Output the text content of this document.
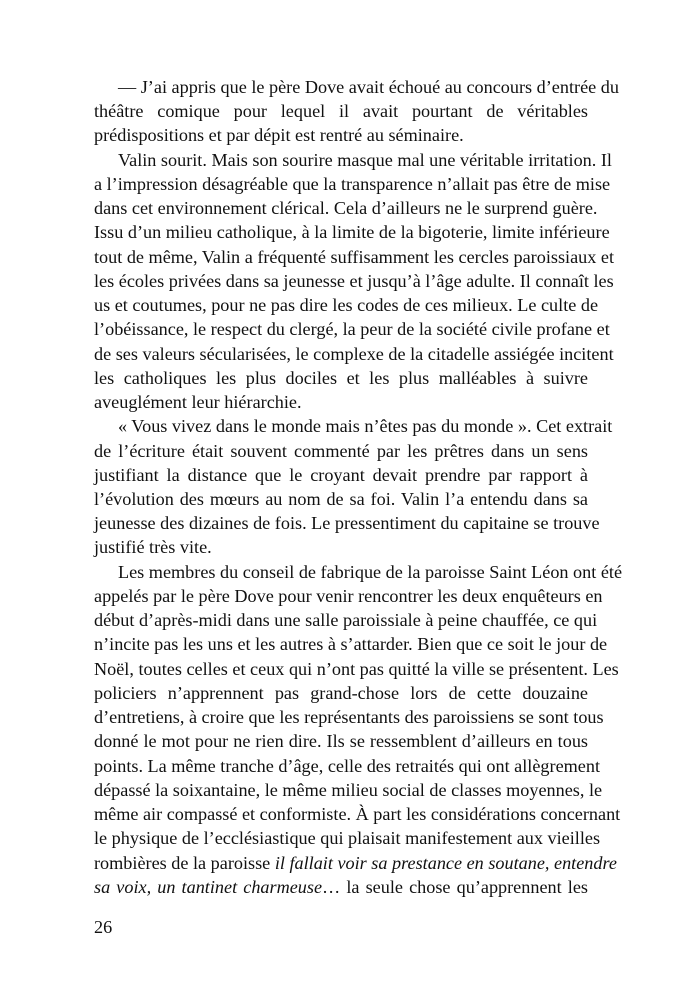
— J’ai appris que le père Dove avait échoué au concours d’entrée du
théâtre comique pour lequel il avait pourtant de véritables
prédispositions et par dépit est rentré au séminaire.
Valin sourit. Mais son sourire masque mal une véritable irritation. Il
a l’impression désagréable que la transparence n’allait pas être de mise
dans cet environnement clérical. Cela d’ailleurs ne le surprend guère.
Issu d’un milieu catholique, à la limite de la bigoterie, limite inférieure
tout de même, Valin a fréquenté suffisamment les cercles paroissiaux et
les écoles privées dans sa jeunesse et jusqu’à l’âge adulte. Il connaît les
us et coutumes, pour ne pas dire les codes de ces milieux. Le culte de
l’obéissance, le respect du clergé, la peur de la société civile profane et
de ses valeurs sécularisées, le complexe de la citadelle assiégée incitent
les catholiques les plus dociles et les plus malléables à suivre
aveuglément leur hiérarchie.
« Vous vivez dans le monde mais n’êtes pas du monde ». Cet extrait
de l’écriture était souvent commenté par les prêtres dans un sens
justifiant la distance que le croyant devait prendre par rapport à
l’évolution des mœurs au nom de sa foi. Valin l’a entendu dans sa
jeunesse des dizaines de fois. Le pressentiment du capitaine se trouve
justifié très vite.
Les membres du conseil de fabrique de la paroisse Saint Léon ont été
appelés par le père Dove pour venir rencontrer les deux enquêteurs en
début d’après-midi dans une salle paroissiale à peine chauffée, ce qui
n’incite pas les uns et les autres à s’attarder. Bien que ce soit le jour de
Noël, toutes celles et ceux qui n’ont pas quitté la ville se présentent. Les
policiers n’apprennent pas grand-chose lors de cette douzaine
d’entretiens, à croire que les représentants des paroissiens se sont tous
donné le mot pour ne rien dire. Ils se ressemblent d’ailleurs en tous
points. La même tranche d’âge, celle des retraités qui ont allègrement
dépassé la soixantaine, le même milieu social de classes moyennes, le
même air compassé et conformiste. À part les considérations concernant
le physique de l’ecclésiastique qui plaisait manifestement aux vieilles
rombières de la paroisse il fallait voir sa prestance en soutane, entendre
sa voix, un tantinet charmeuse… la seule chose qu’apprennent les
26
